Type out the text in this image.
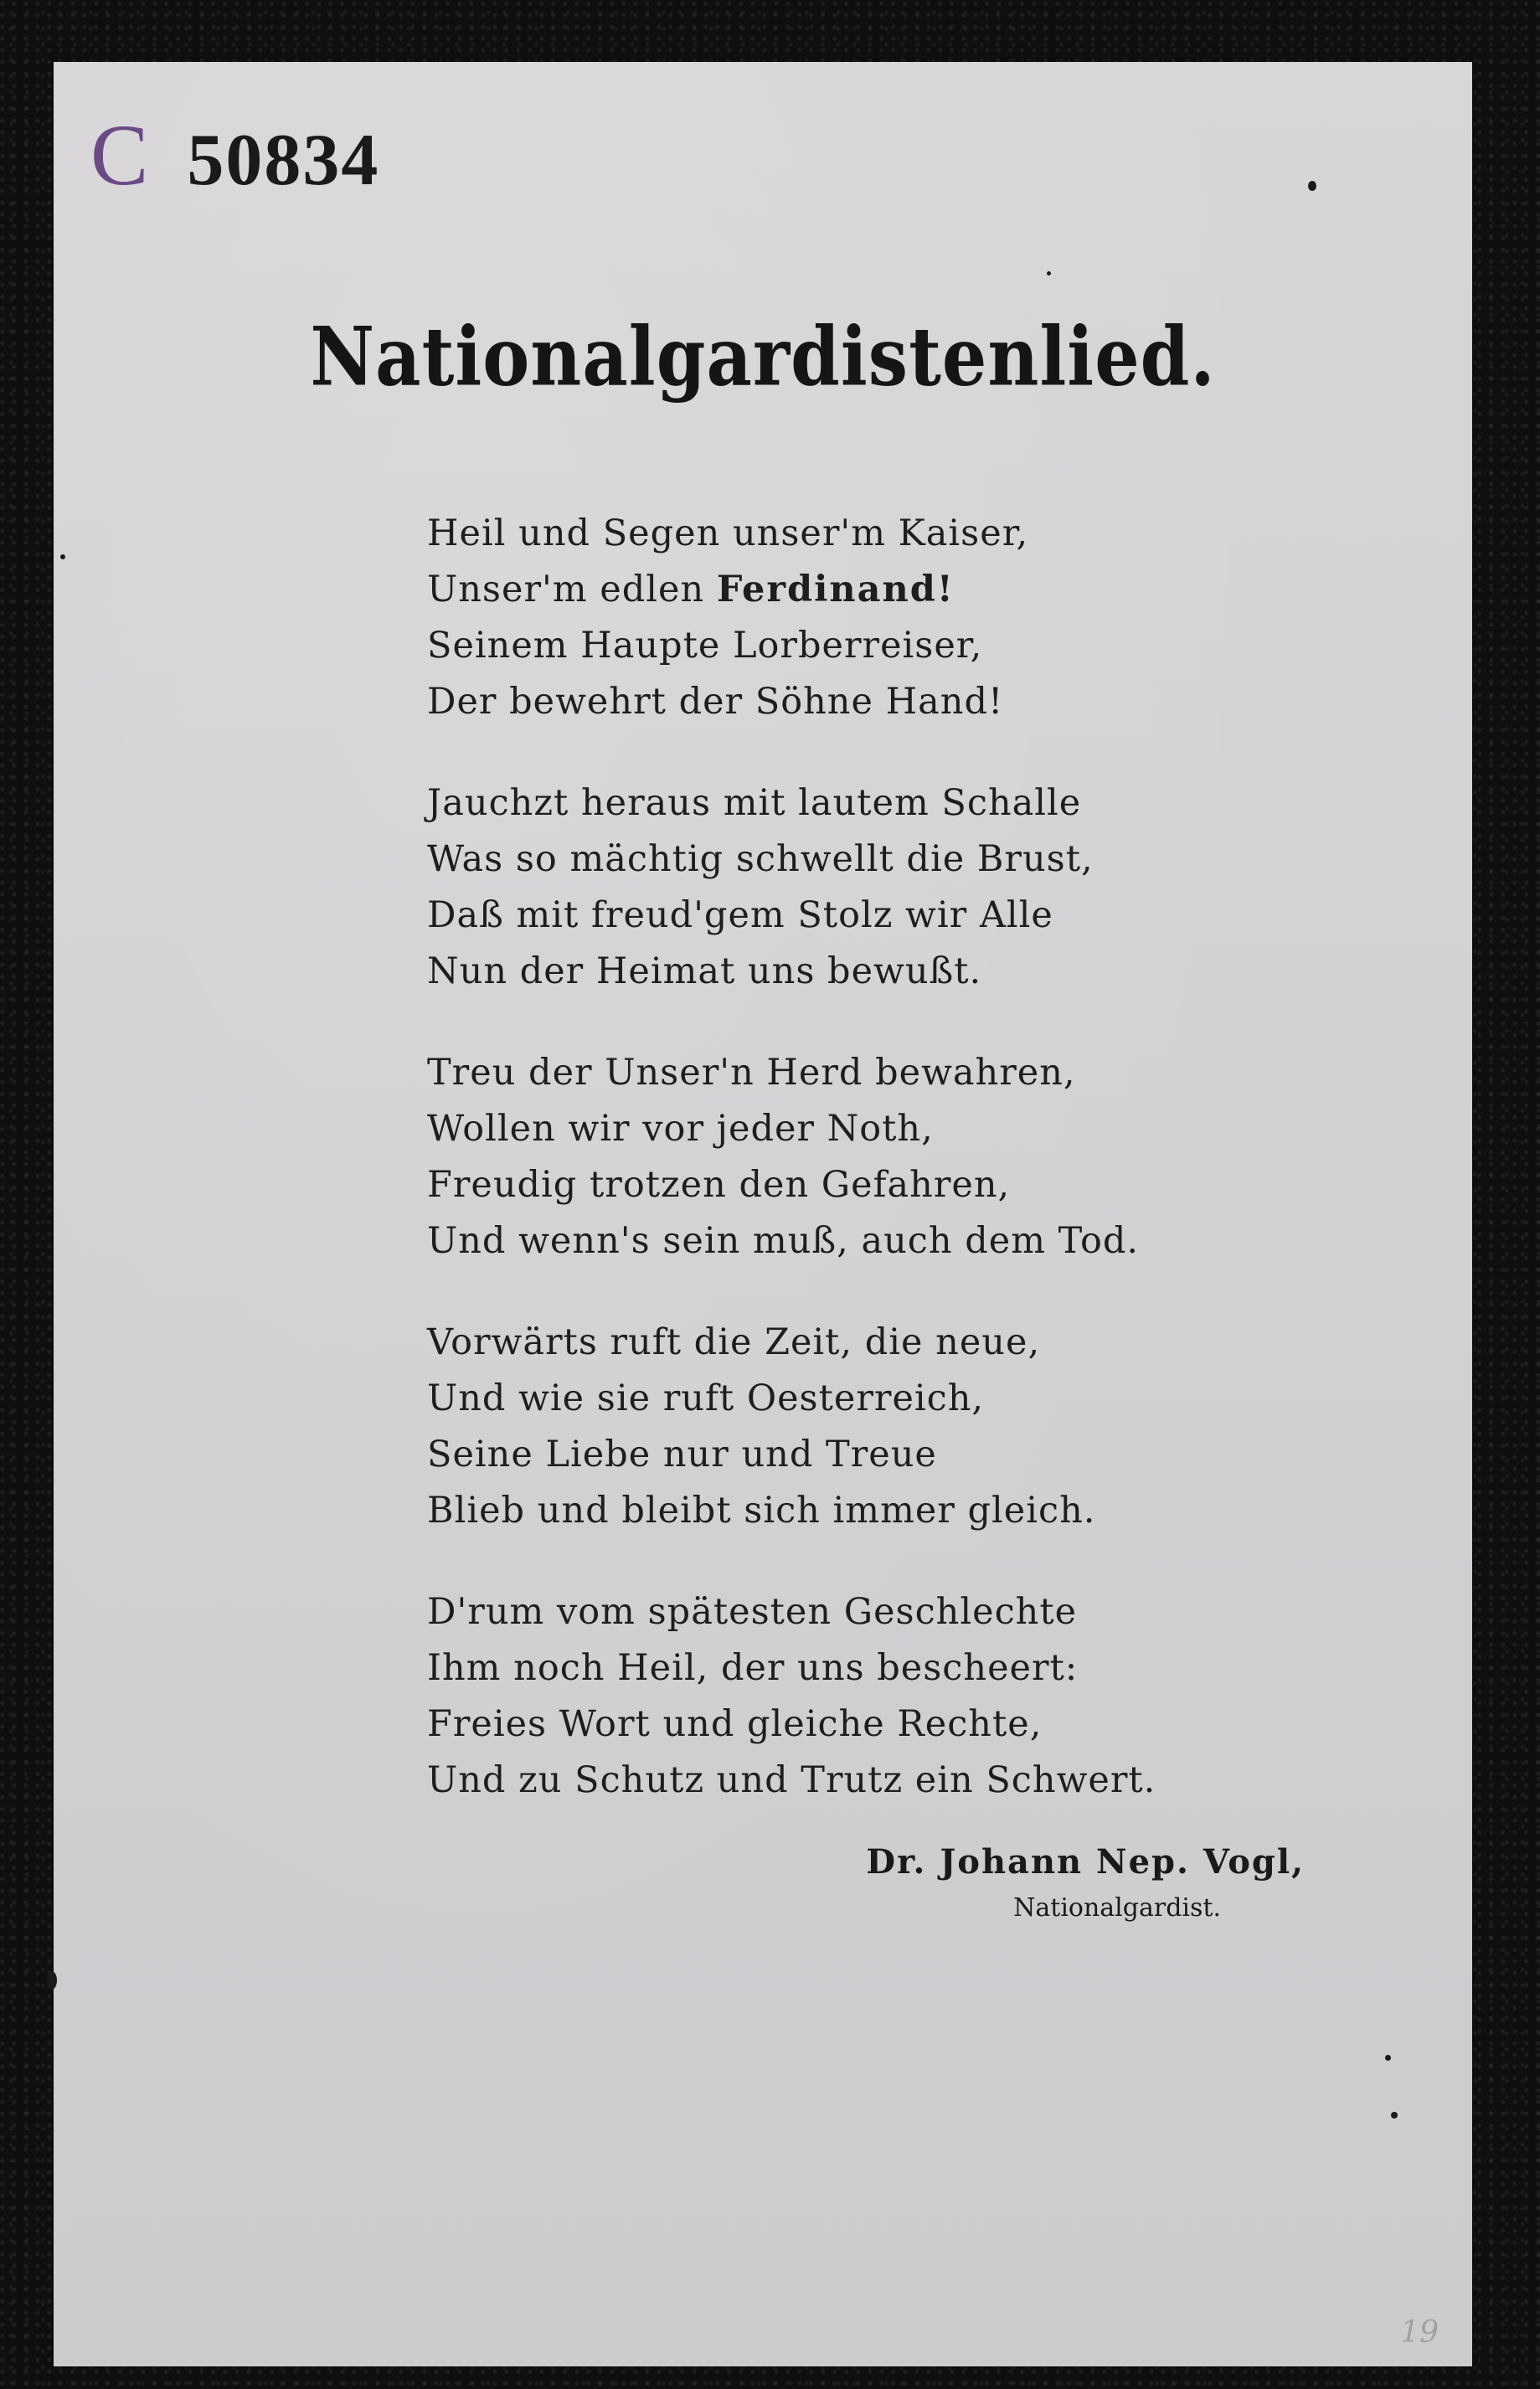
C 50834
Nationalgardistenlied.
Heil und Segen unser'm Kaiser,
Unser'm edlen Ferdinand!
Seinem Haupte Lorberreiser,
Der bewehrt der Söhne Hand!
Jauchzt heraus mit lautem Schalle
Was so mächtig schwellt die Brust,
Daß mit freud'gem Stolz wir Alle
Nun der Heimat uns bewußt.
Treu der Unser'n Herd bewahren,
Wollen wir vor jeder Noth,
Freudig trotzen den Gefahren,
Und wenn's sein muß, auch dem Tod.
Vorwärts ruft die Zeit, die neue,
Und wie sie ruft Oesterreich,
Seine Liebe nur und Treue
Blieb und bleibt sich immer gleich.
D'rum vom spätesten Geschlechte
Ihm noch Heil, der uns bescheert:
Freies Wort und gleiche Rechte,
Und zu Schutz und Trutz ein Schwert.
Dr. Johann Nep. Vogl,
Nationalgardist.
19
